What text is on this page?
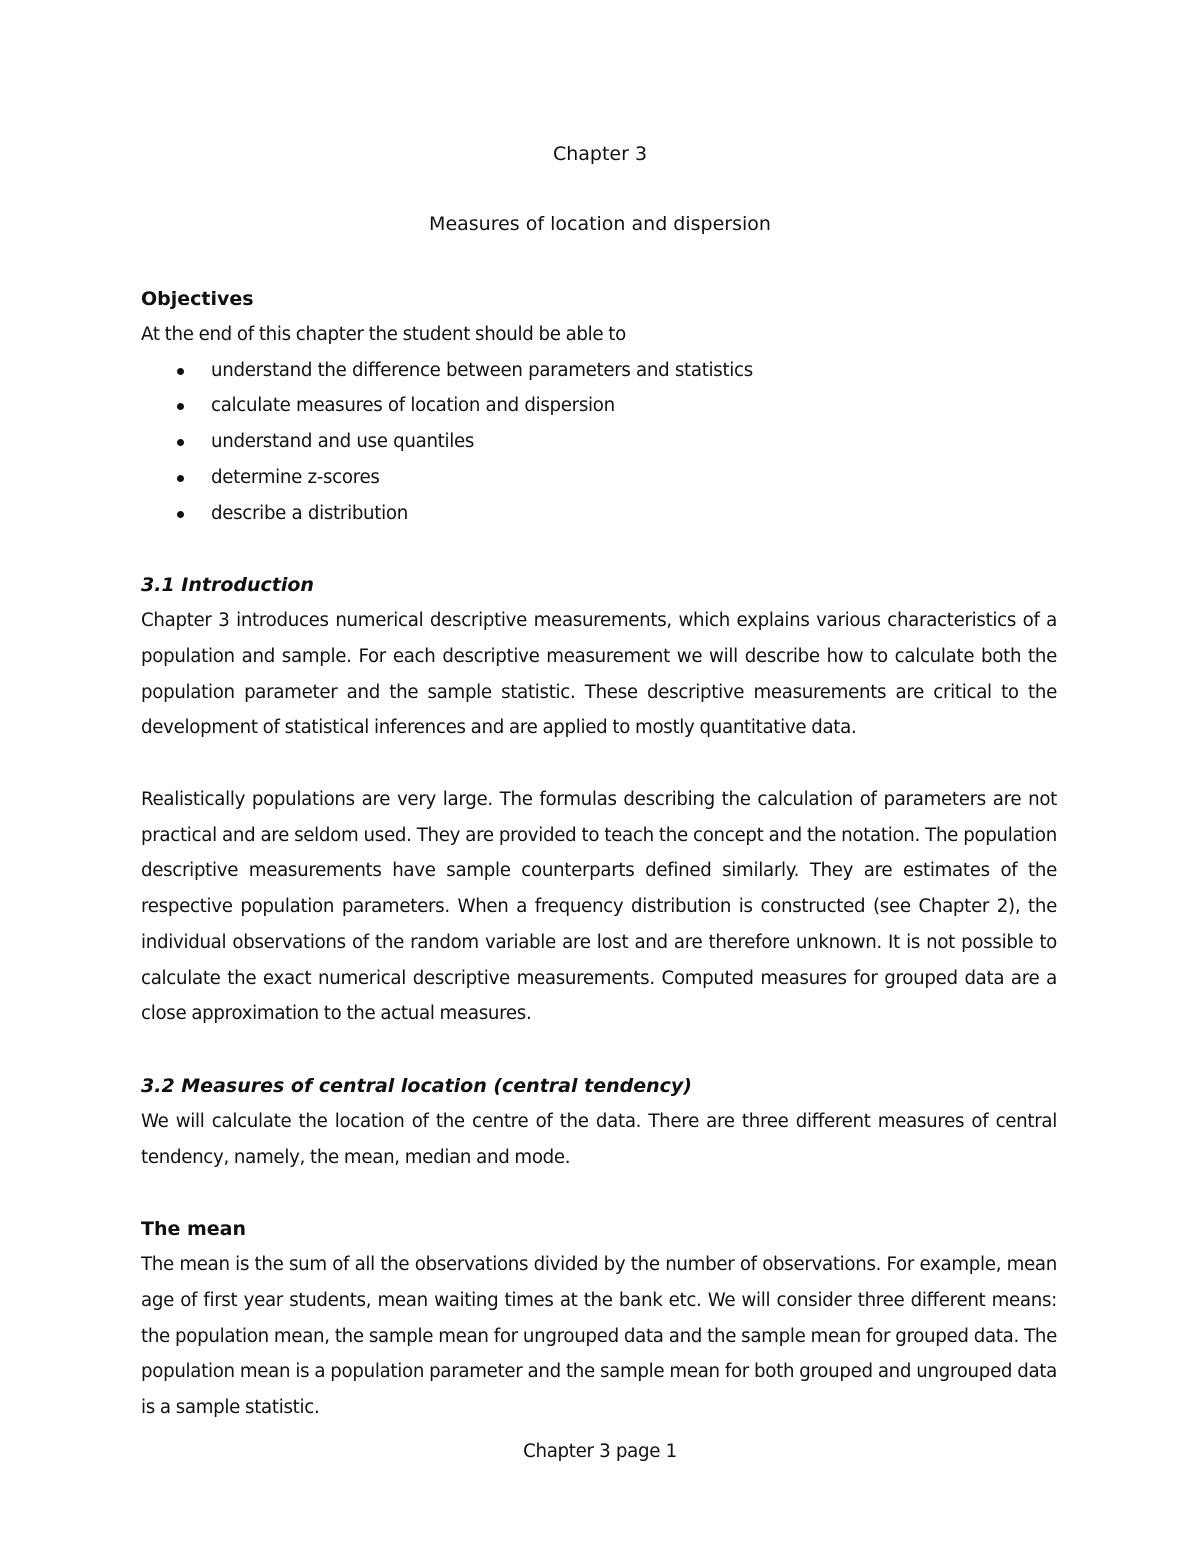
Chapter 3
Measures of location and dispersion
Objectives

At the end of this chapter the student should be able to

understand the difference between parameters and statistics
calculate measures of location and dispersion
understand and use quantiles
determine z-scores
describe a distribution
3.1 Introduction

Chapter 3 introduces numerical descriptive measurements, which explains various characteristics of a population and sample. For each descriptive measurement we will describe how to calculate both the population parameter and the sample statistic. These descriptive measurements are critical to the development of statistical inferences and are applied to mostly quantitative data.

Realistically populations are very large. The formulas describing the calculation of parameters are not practical and are seldom used. They are provided to teach the concept and the notation. The population descriptive measurements have sample counterparts defined similarly. They are estimates of the respective population parameters. When a frequency distribution is constructed (see Chapter 2), the individual observations of the random variable are lost and are therefore unknown. It is not possible to calculate the exact numerical descriptive measurements. Computed measures for grouped data are a close approximation to the actual measures.

3.2 Measures of central location (central tendency)

We will calculate the location of the centre of the data. There are three different measures of central tendency, namely, the mean, median and mode.

The mean

The mean is the sum of all the observations divided by the number of observations. For example, mean age of first year students, mean waiting times at the bank etc. We will consider three different means: the population mean, the sample mean for ungrouped data and the sample mean for grouped data. The population mean is a population parameter and the sample mean for both grouped and ungrouped data is a sample statistic.

Chapter 3 page 1
